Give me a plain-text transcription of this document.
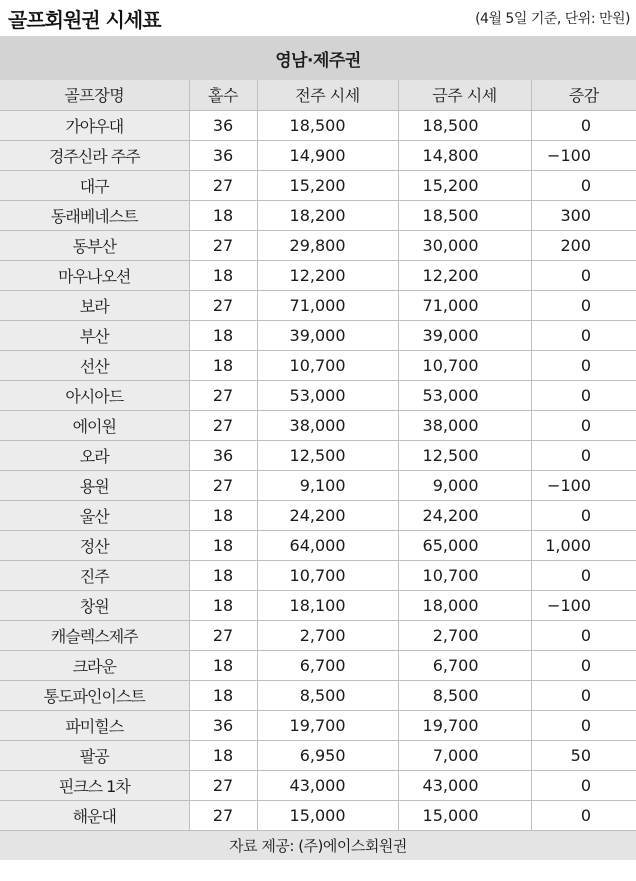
골프회원권 시세표	(4월 5일 기준, 단위: 만원)
영남·제주권
골프장명	홀수	전주 시세	금주 시세	증감
가야우대	36	18,500	18,500	0
경주신라 주주	36	14,900	14,800	−100
대구	27	15,200	15,200	0
동래베네스트	18	18,200	18,500	300
동부산	27	29,800	30,000	200
마우나오션	18	12,200	12,200	0
보라	27	71,000	71,000	0
부산	18	39,000	39,000	0
선산	18	10,700	10,700	0
아시아드	27	53,000	53,000	0
에이원	27	38,000	38,000	0
오라	36	12,500	12,500	0
용원	27	9,100	9,000	−100
울산	18	24,200	24,200	0
정산	18	64,000	65,000	1,000
진주	18	10,700	10,700	0
창원	18	18,100	18,000	−100
캐슬렉스제주	27	2,700	2,700	0
크라운	18	6,700	6,700	0
통도파인이스트	18	8,500	8,500	0
파미힐스	36	19,700	19,700	0
팔공	18	6,950	7,000	50
핀크스 1차	27	43,000	43,000	0
해운대	27	15,000	15,000	0
자료 제공: (주)에이스회원권
